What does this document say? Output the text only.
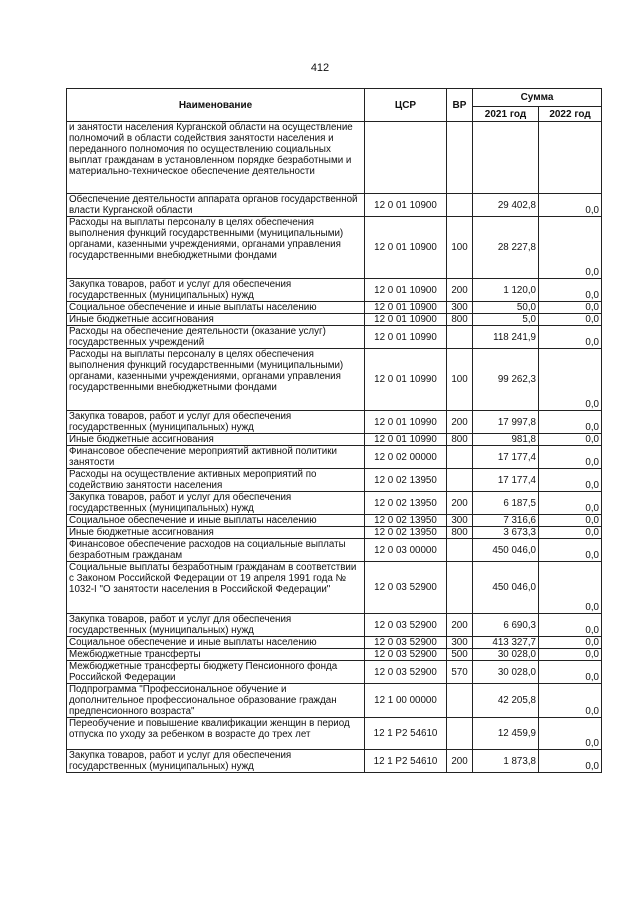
412
Наименование	ЦСР	ВР	Сумма	
			2021 год	2022 год
и занятости населения Курганской области на осуществление полномочий в области содействия занятости населения и переданного полномочия по осуществлению социальных выплат гражданам в установленном порядке безработными и материально-техническое обеспечение деятельности				
Обеспечение деятельности аппарата органов государственной власти Курганской области	12 0 01 10900		29 402,8	0,0
Расходы на выплаты персоналу в целях обеспечения выполнения функций государственными (муниципальными) органами, казенными учреждениями, органами управления государственными внебюджетными фондами	12 0 01 10900	100	28 227,8	0,0
Закупка товаров, работ и услуг для обеспечения государственных (муниципальных) нужд	12 0 01 10900	200	1 120,0	0,0
Социальное обеспечение и иные выплаты населению	12 0 01 10900	300	50,0	0,0
Иные бюджетные ассигнования	12 0 01 10900	800	5,0	0,0
Расходы на обеспечение деятельности (оказание услуг) государственных учреждений	12 0 01 10990		118 241,9	0,0
Расходы на выплаты персоналу в целях обеспечения выполнения функций государственными (муниципальными) органами, казенными учреждениями, органами управления государственными внебюджетными фондами	12 0 01 10990	100	99 262,3	0,0
Закупка товаров, работ и услуг для обеспечения государственных (муниципальных) нужд	12 0 01 10990	200	17 997,8	0,0
Иные бюджетные ассигнования	12 0 01 10990	800	981,8	0,0
Финансовое обеспечение мероприятий активной политики занятости	12 0 02 00000		17 177,4	0,0
Расходы на осуществление активных мероприятий по содействию занятости населения	12 0 02 13950		17 177,4	0,0
Закупка товаров, работ и услуг для обеспечения государственных (муниципальных) нужд	12 0 02 13950	200	6 187,5	0,0
Социальное обеспечение и иные выплаты населению	12 0 02 13950	300	7 316,6	0,0
Иные бюджетные ассигнования	12 0 02 13950	800	3 673,3	0,0
Финансовое обеспечение расходов на социальные выплаты безработным гражданам	12 0 03 00000		450 046,0	0,0
Социальные выплаты безработным гражданам в соответствии с Законом Российской Федерации от 19 апреля 1991 года № 1032-I "О занятости населения в Российской Федерации"	12 0 03 52900		450 046,0	0,0
Закупка товаров, работ и услуг для обеспечения государственных (муниципальных) нужд	12 0 03 52900	200	6 690,3	0,0
Социальное обеспечение и иные выплаты населению	12 0 03 52900	300	413 327,7	0,0
Межбюджетные трансферты	12 0 03 52900	500	30 028,0	0,0
Межбюджетные трансферты бюджету Пенсионного фонда Российской Федерации	12 0 03 52900	570	30 028,0	0,0
Подпрограмма "Профессиональное обучение и дополнительное профессиональное образование граждан предпенсионного возраста"	12 1 00 00000		42 205,8	0,0
Переобучение и повышение квалификации женщин в период отпуска по уходу за ребенком в возрасте до трех лет	12 1 P2 54610		12 459,9	0,0
Закупка товаров, работ и услуг для обеспечения государственных (муниципальных) нужд	12 1 P2 54610	200	1 873,8	0,0
